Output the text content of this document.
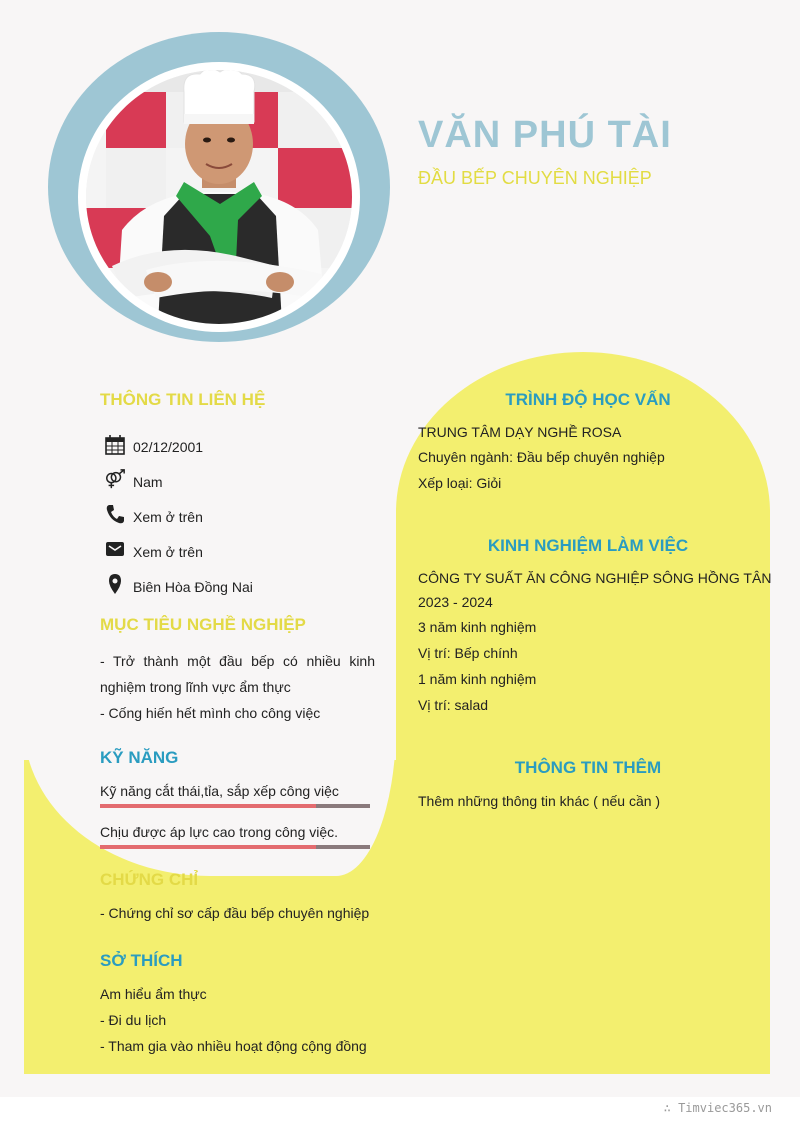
VĂN PHÚ TÀI
ĐẦU BẾP CHUYÊN NGHIỆP
THÔNG TIN LIÊN HỆ
02/12/2001
Nam
Xem ở trên
Xem ở trên
Biên Hòa Đồng Nai
MỤC TIÊU NGHỀ NGHIỆP
- Trở thành một đầu bếp có nhiều kinh nghiệm trong lĩnh vực ẩm thực
- Cống hiến hết mình cho công việc
KỸ NĂNG
Kỹ năng cắt thái,tỉa, sắp xếp công việc
Chịu được áp lực cao trong công việc.
CHỨNG CHỈ
- Chứng chỉ sơ cấp đầu bếp chuyên nghiệp
SỞ THÍCH
Am hiểu ẩm thực
- Đi du lịch
- Tham gia vào nhiều hoạt động cộng đồng
TRÌNH ĐỘ HỌC VẤN
TRUNG TÂM DẠY NGHỀ ROSA
Chuyên ngành: Đầu bếp chuyên nghiệp
Xếp loại: Giỏi
KINH NGHIỆM LÀM VIỆC
CÔNG TY SUẤT ĂN CÔNG NGHIỆP SÔNG HỒNG TÂN
2023 - 2024
3 năm kinh nghiệm
Vị trí: Bếp chính
1 năm kinh nghiệm
Vị trí: salad
THÔNG TIN THÊM
Thêm những thông tin khác ( nếu cần )
∴ Timviec365.vn
